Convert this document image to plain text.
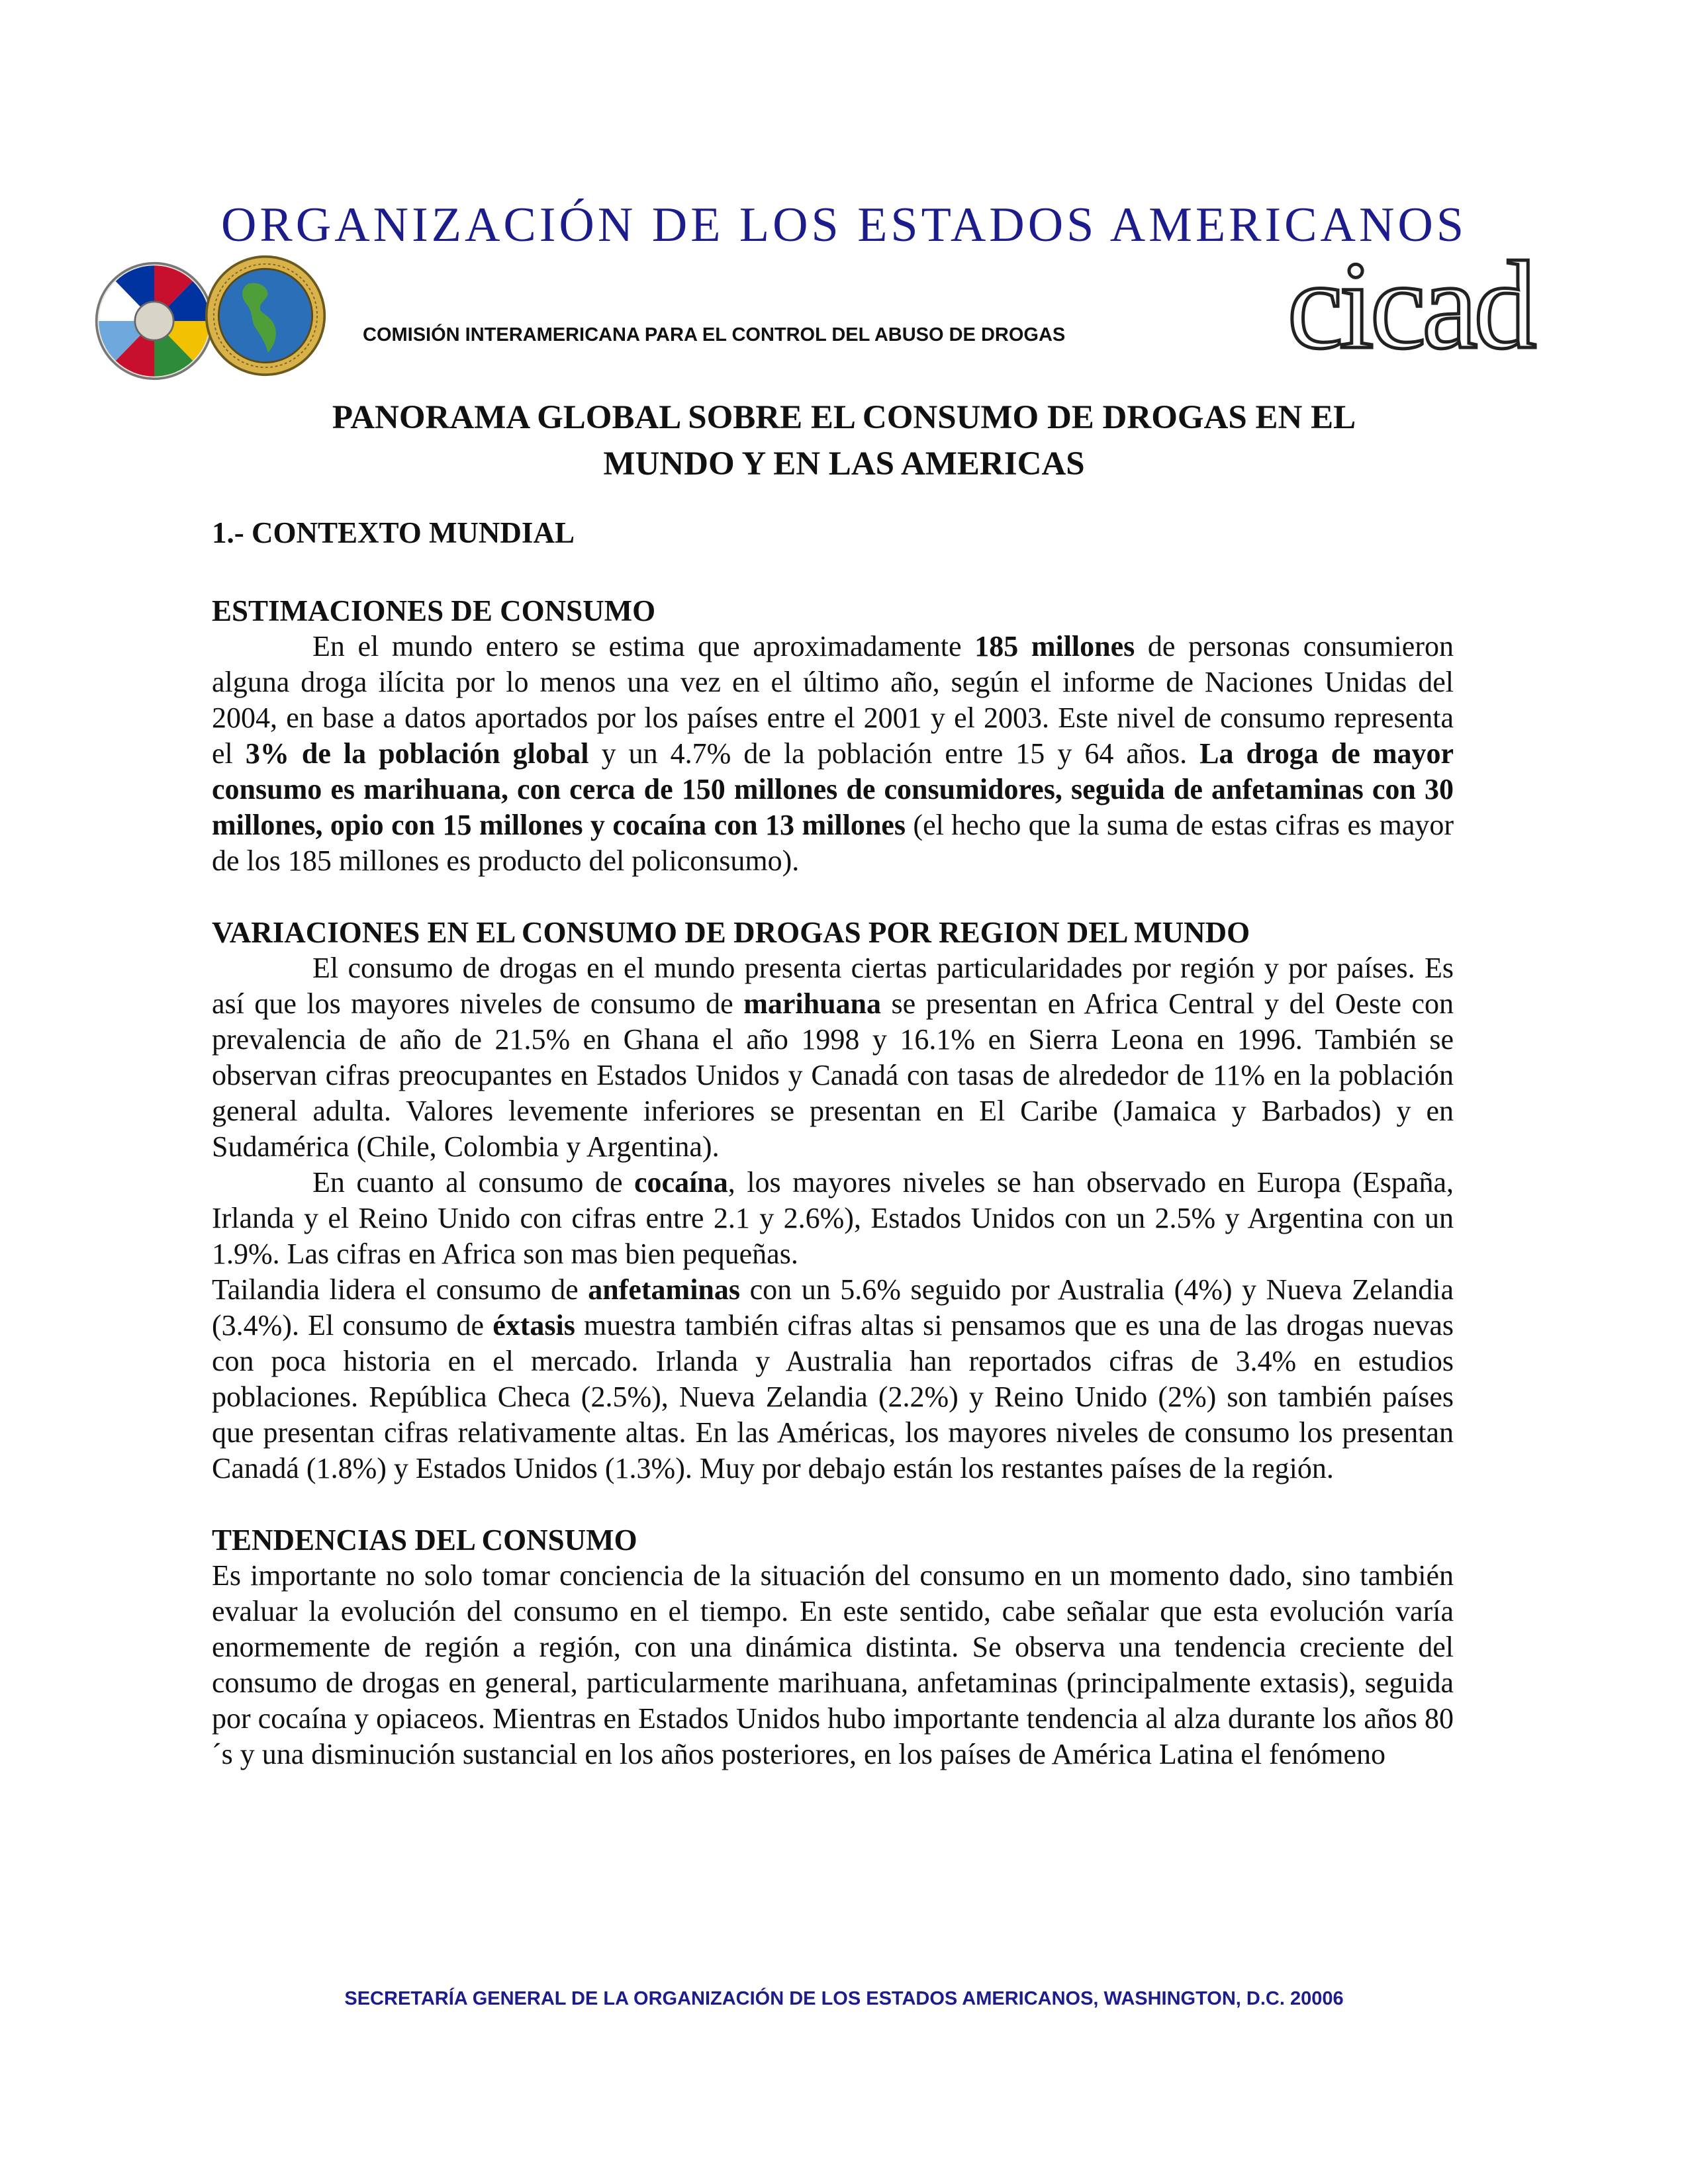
ORGANIZACIÓN DE LOS ESTADOS AMERICANOS
COMISIÓN INTERAMERICANA PARA EL CONTROL DEL ABUSO DE DROGAS cicad
PANORAMA GLOBAL SOBRE EL CONSUMO DE DROGAS EN EL
MUNDO Y EN LAS AMERICAS
1.- CONTEXTO MUNDIAL
ESTIMACIONES DE CONSUMO

En el mundo entero se estima que aproximadamente 185 millones de personas consumieron alguna droga ilícita por lo menos una vez en el último año, según el informe de Naciones Unidas del 2004, en base a datos aportados por los países entre el 2001 y el 2003. Este nivel de consumo representa el 3% de la población global y un 4.7% de la población entre 15 y 64 años. La droga de mayor consumo es marihuana, con cerca de 150 millones de consumidores, seguida de anfetaminas con 30 millones, opio con 15 millones y cocaína con 13 millones (el hecho que la suma de estas cifras es mayor de los 185 millones es producto del policonsumo).

VARIACIONES EN EL CONSUMO DE DROGAS POR REGION DEL MUNDO

El consumo de drogas en el mundo presenta ciertas particularidades por región y por países. Es así que los mayores niveles de consumo de marihuana se presentan en Africa Central y del Oeste con prevalencia de año de 21.5% en Ghana el año 1998 y 16.1% en Sierra Leona en 1996. También se observan cifras preocupantes en Estados Unidos y Canadá con tasas de alrededor de 11% en la población general adulta. Valores levemente inferiores se presentan en El Caribe (Jamaica y Barbados) y en Sudamérica (Chile, Colombia y Argentina).

En cuanto al consumo de cocaína, los mayores niveles se han observado en Europa (España, Irlanda y el Reino Unido con cifras entre 2.1 y 2.6%), Estados Unidos con un 2.5% y Argentina con un 1.9%. Las cifras en Africa son mas bien pequeñas.

Tailandia lidera el consumo de anfetaminas con un 5.6% seguido por Australia (4%) y Nueva Zelandia (3.4%). El consumo de éxtasis muestra también cifras altas si pensamos que es una de las drogas nuevas con poca historia en el mercado. Irlanda y Australia han reportados cifras de 3.4% en estudios poblaciones. República Checa (2.5%), Nueva Zelandia (2.2%) y Reino Unido (2%) son también países que presentan cifras relativamente altas. En las Américas, los mayores niveles de consumo los presentan Canadá (1.8%) y Estados Unidos (1.3%). Muy por debajo están los restantes países de la región.

TENDENCIAS DEL CONSUMO

Es importante no solo tomar conciencia de la situación del consumo en un momento dado, sino también evaluar la evolución del consumo en el tiempo. En este sentido, cabe señalar que esta evolución varía enormemente de región a región, con una dinámica distinta. Se observa una tendencia creciente del consumo de drogas en general, particularmente marihuana, anfetaminas (principalmente extasis), seguida por cocaína y opiaceos. Mientras en Estados Unidos hubo importante tendencia al alza durante los años 80´s y una disminución sustancial en los años posteriores, en los países de América Latina el fenómeno

SECRETARÍA GENERAL DE LA ORGANIZACIÓN DE LOS ESTADOS AMERICANOS, WASHINGTON, D.C. 20006
